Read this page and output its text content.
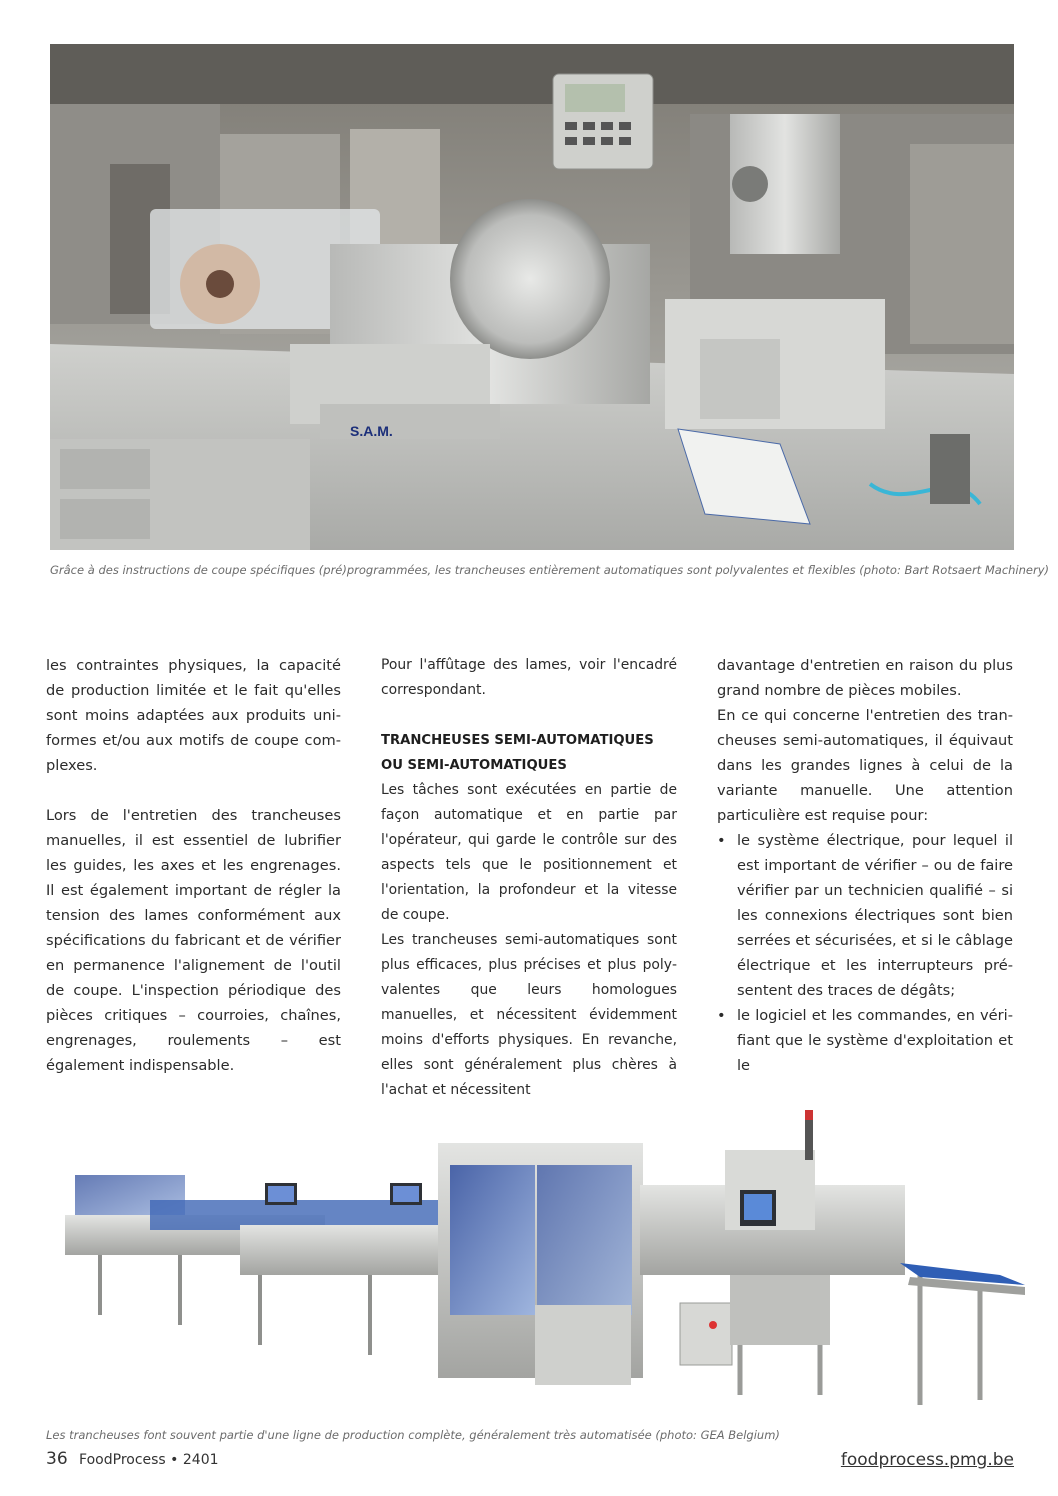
S.A.M.
Grâce à des instructions de coupe spécifiques (pré)programmées, les trancheuses entièrement automatiques sont polyvalentes et flexibles (photo: Bart Rotsaert Machinery)

les contraintes physiques, la capacité de production limitée et le fait qu'elles sont moins adaptées aux produits uniformes et/ou aux motifs de coupe complexes.

Lors de l'entretien des trancheuses manuelles, il est essentiel de lubrifier les guides, les axes et les engrenages. Il est également important de régler la tension des lames conformément aux spécifications du fabricant et de vérifier en permanence l'alignement de l'outil de coupe. L'inspection périodique des pièces critiques – courroies, chaînes, engrenages, roulements – est également indispensable.

Pour l'affûtage des lames, voir l'encadré correspondant.

TRANCHEUSES SEMI-AUTOMATIQUES
OU SEMI-AUTOMATIQUES

Les tâches sont exécutées en partie de façon automatique et en partie par l'opérateur, qui garde le contrôle sur des aspects tels que le positionnement et l'orientation, la profondeur et la vitesse de coupe.

Les trancheuses semi-automatiques sont plus efficaces, plus précises et plus polyvalentes que leurs homologues manuelles, et nécessitent évidemment moins d'efforts physiques. En revanche, elles sont généralement plus chères à l'achat et nécessitent

davantage d'entretien en raison du plus grand nombre de pièces mobiles.

En ce qui concerne l'entretien des trancheuses semi-automatiques, il équivaut dans les grandes lignes à celui de la variante manuelle. Une attention particulière est requise pour:

• le système électrique, pour lequel il est important de vérifier – ou de faire vérifier par un technicien qualifié – si les connexions électriques sont bien serrées et sécurisées, et si le câblage électrique et les interrupteurs présentent des traces de dégâts;
• le logiciel et les commandes, en vérifiant que le système d'exploitation et le
Les trancheuses font souvent partie d'une ligne de production complète, généralement très automatisée (photo: GEA Belgium)
36 FoodProcess • 2401	foodprocess.pmg.be
